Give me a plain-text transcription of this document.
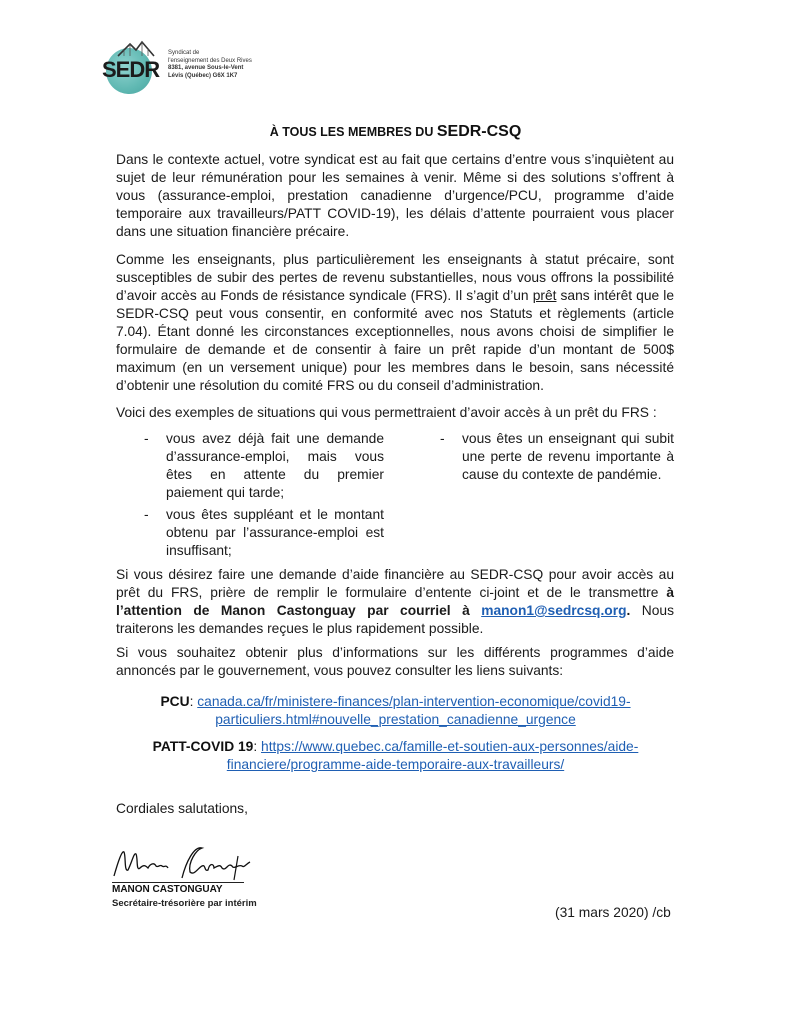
SEDR
Syndicat de
l'enseignement des Deux Rives
8381, avenue Sous-le-Vent
Lévis (Québec) G6X 1K7
À TOUS LES MEMBRES DU SEDR-CSQ
Dans le contexte actuel, votre syndicat est au fait que certains d’entre vous s’inquiètent au sujet de leur rémunération pour les semaines à venir. Même si des solutions s’offrent à vous (assurance-emploi, prestation canadienne d’urgence/PCU, programme d’aide temporaire aux travailleurs/PATT COVID-19), les délais d’attente pourraient vous placer dans une situation financière précaire.
Comme les enseignants, plus particulièrement les enseignants à statut précaire, sont susceptibles de subir des pertes de revenu substantielles, nous vous offrons la possibilité d’avoir accès au Fonds de résistance syndicale (FRS). Il s’agit d’un prêt sans intérêt que le SEDR-CSQ peut vous consentir, en conformité avec nos Statuts et règlements (article 7.04). Étant donné les circonstances exceptionnelles, nous avons choisi de simplifier le formulaire de demande et de consentir à faire un prêt rapide d’un montant de 500$ maximum (en un versement unique) pour les membres dans le besoin, sans nécessité d’obtenir une résolution du comité FRS ou du conseil d’administration.
Voici des exemples de situations qui vous permettraient d’avoir accès à un prêt du FRS :
-	vous avez déjà fait une demande d’assurance-emploi, mais vous êtes en attente du premier paiement qui tarde;
-	vous êtes suppléant et le montant obtenu par l’assurance-emploi est insuffisant;
-	vous êtes un enseignant qui subit une perte de revenu importante à cause du contexte de pandémie.
Si vous désirez faire une demande d’aide financière au SEDR-CSQ pour avoir accès au prêt du FRS, prière de remplir le formulaire d’entente ci-joint et de le transmettre à l’attention de Manon Castonguay par courriel à manon1@sedrcsq.org. Nous traiterons les demandes reçues le plus rapidement possible.
Si vous souhaitez obtenir plus d’informations sur les différents programmes d’aide annoncés par le gouvernement, vous pouvez consulter les liens suivants:
PCU: canada.ca/fr/ministere-finances/plan-intervention-economique/covid19-
particuliers.html#nouvelle_prestation_canadienne_urgence
PATT-COVID 19: https://www.quebec.ca/famille-et-soutien-aux-personnes/aide-
financiere/programme-aide-temporaire-aux-travailleurs/
Cordiales salutations,
MANON CASTONGUAY
Secrétaire-trésorière par intérim
(31 mars 2020) /cb
